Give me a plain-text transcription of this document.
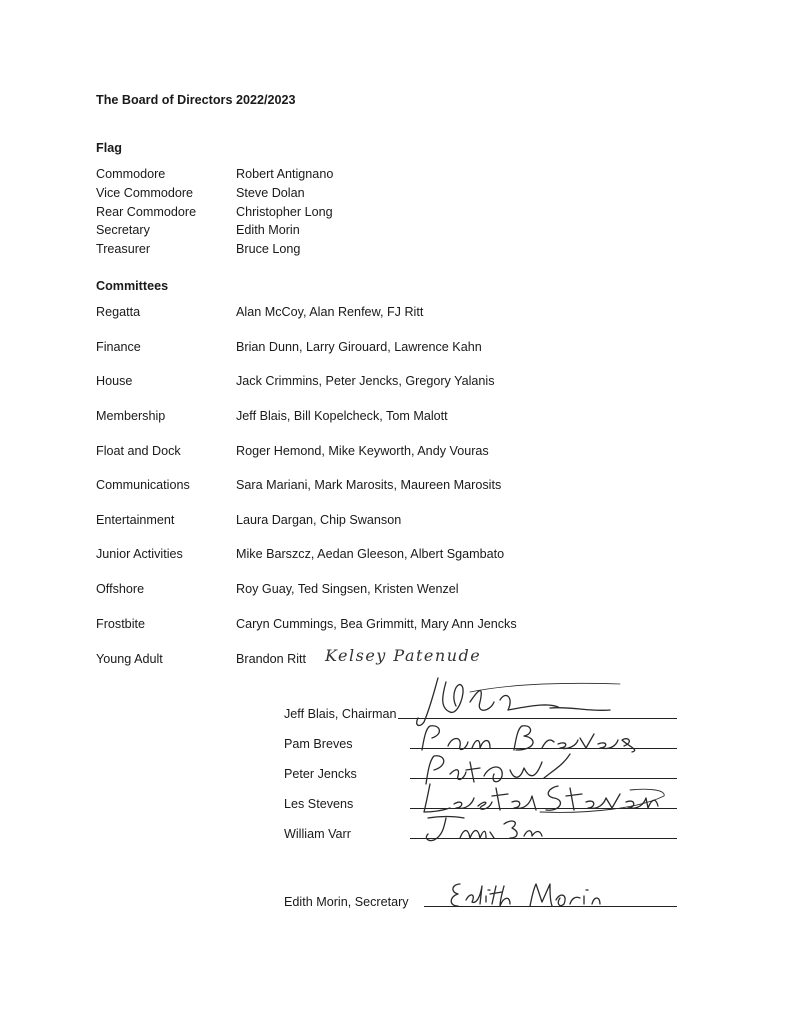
The Board of Directors 2022/2023
Flag
Commodore	Robert Antignano
Vice Commodore	Steve Dolan
Rear Commodore	Christopher Long
Secretary	Edith Morin
Treasurer	Bruce Long
Committees
Regatta	Alan McCoy, Alan Renfew, FJ Ritt
Finance	Brian Dunn, Larry Girouard, Lawrence Kahn
House	Jack Crimmins, Peter Jencks, Gregory Yalanis
Membership	Jeff Blais, Bill Kopelcheck, Tom Malott
Float and Dock	Roger Hemond, Mike Keyworth, Andy Vouras
Communications	Sara Mariani, Mark Marosits, Maureen Marosits
Entertainment	Laura Dargan, Chip Swanson
Junior Activities	Mike Barszcz, Aedan Gleeson, Albert Sgambato
Offshore	Roy Guay, Ted Singsen, Kristen Wenzel
Frostbite	Caryn Cummings, Bea Grimmitt, Mary Ann Jencks
Young Adult	Brandon Ritt Kelsey Patenude
Jeff Blais, Chairman
Pam Breves
Peter Jencks
Les Stevens
William Varr
Edith Morin, Secretary
